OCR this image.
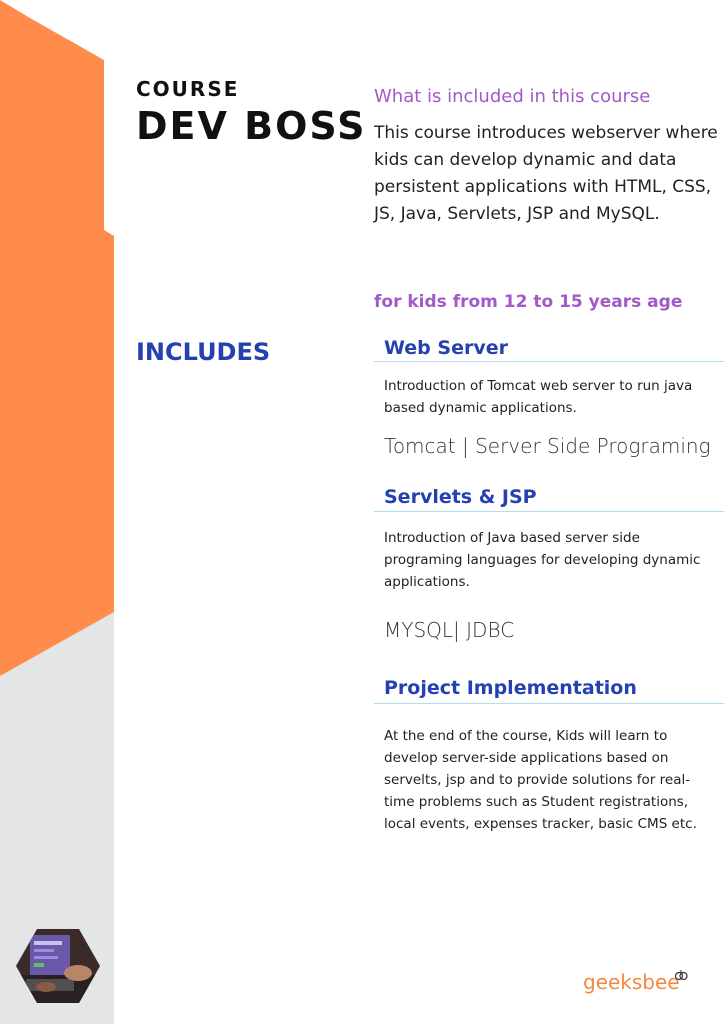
COURSE
DEV BOSS
What is included in this course

This course introduces webserver where kids can develop dynamic and data persistent applications with HTML, CSS, JS, Java, Servlets, JSP and MySQL.

for kids from 12 to 15 years age

INCLUDES	Web Server

Introduction of Tomcat web server to run java based dynamic applications.

Tomcat | Server Side Programing

Servlets & JSP

Introduction of Java based server side programing languages for developing dynamic applications.

MYSQL| JDBC

Project Implementation

At the end of the course, Kids will learn to develop server-side applications based on servelts, jsp and to provide solutions for real-time problems such as Student registrations, local events, expenses tracker, basic CMS etc.

geeksbee
